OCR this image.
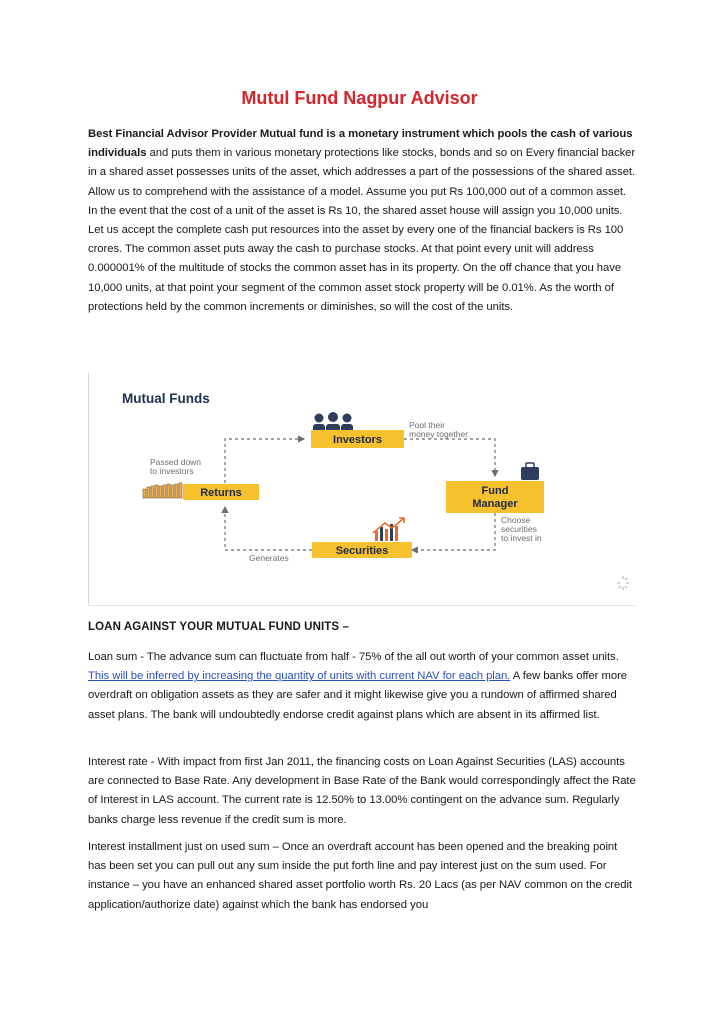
Mutul Fund Nagpur Advisor

Best Financial Advisor Provider Mutual fund is a monetary instrument which pools the cash of various individuals and puts them in various monetary protections like stocks, bonds and so on Every financial backer in a shared asset possesses units of the asset, which addresses a part of the possessions of the shared asset. Allow us to comprehend with the assistance of a model. Assume you put Rs 100,000 out of a common asset. In the event that the cost of a unit of the asset is Rs 10, the shared asset house will assign you 10,000 units. Let us accept the complete cash put resources into the asset by every one of the financial backers is Rs 100 crores. The common asset puts away the cash to purchase stocks. At that point every unit will address 0.000001% of the multitude of stocks the common asset has in its property. On the off chance that you have 10,000 units, at that point your segment of the common asset stock property will be 0.01%. As the worth of protections held by the common increments or diminishes, so will the cost of the units.

Mutual Funds
Investors
Pool their
money together
Fund
Manager
Choose
securities
to invest in
Securities
Generates
Returns
Passed down
to investors
LOAN AGAINST YOUR MUTUAL FUND UNITS –

Loan sum - The advance sum can fluctuate from half - 75% of the all out worth of your common asset units. This will be inferred by increasing the quantity of units with current NAV for each plan. A few banks offer more overdraft on obligation assets as they are safer and it might likewise give you a rundown of affirmed shared asset plans. The bank will undoubtedly endorse credit against plans which are absent in its affirmed list.

Interest rate - With impact from first Jan 2011, the financing costs on Loan Against Securities (LAS) accounts are connected to Base Rate. Any development in Base Rate of the Bank would correspondingly affect the Rate of Interest in LAS account. The current rate is 12.50% to 13.00% contingent on the advance sum. Regularly banks charge less revenue if the credit sum is more.

Interest installment just on used sum – Once an overdraft account has been opened and the breaking point has been set you can pull out any sum inside the put forth line and pay interest just on the sum used. For instance – you have an enhanced shared asset portfolio worth Rs. 20 Lacs (as per NAV common on the credit application/authorize date) against which the bank has endorsed you
